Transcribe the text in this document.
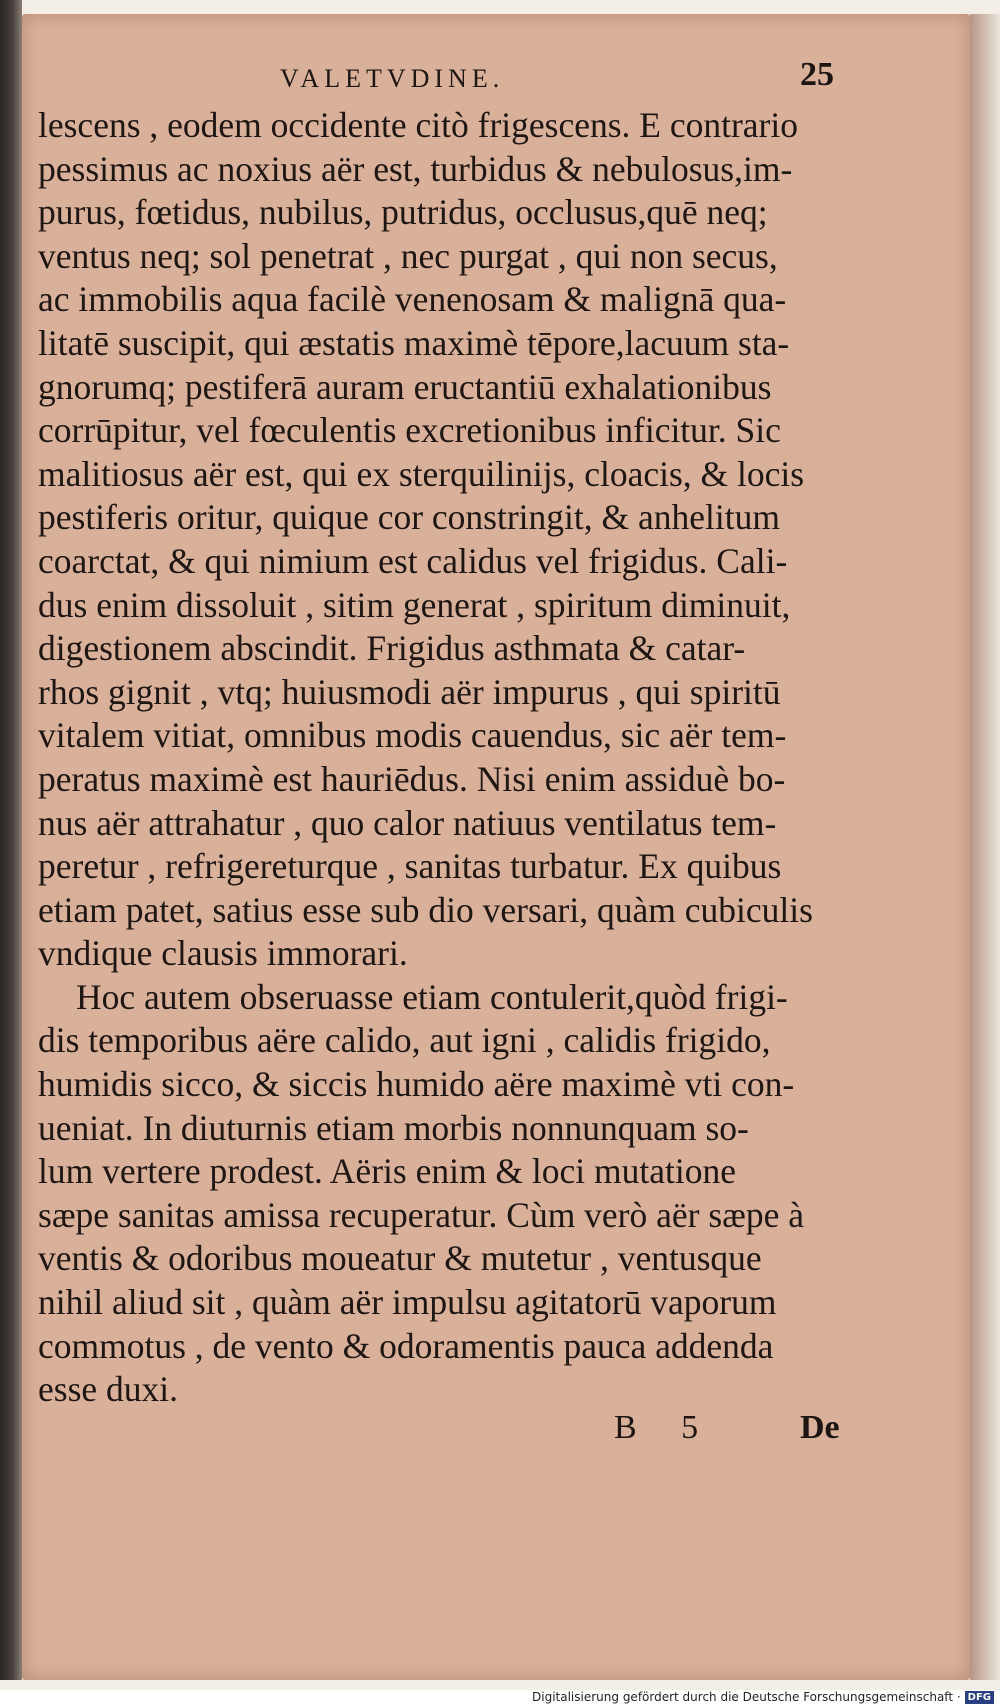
VALETVDINE.	25
lescens , eodem occidente citò frigescens. E contrario
pessimus ac noxius aër est, turbidus & nebulosus,im-
purus, fœtidus, nubilus, putridus, occlusus,quē neq;
ventus neq; sol penetrat , nec purgat , qui non secus,
ac immobilis aqua facilè venenosam & malignā qua-
litatē suscipit, qui æstatis maximè tēpore,lacuum sta-
gnorumq; pestiferā auram eructantiū exhalationibus
corrūpitur, vel fœculentis excretionibus inficitur. Sic
malitiosus aër est, qui ex sterquilinijs, cloacis, & locis
pestiferis oritur, quique cor constringit, & anhelitum
coarctat, & qui nimium est calidus vel frigidus. Cali-
dus enim dissoluit , sitim generat , spiritum diminuit,
digestionem abscindit. Frigidus asthmata & catar-
rhos gignit , vtq; huiusmodi aër impurus , qui spiritū
vitalem vitiat, omnibus modis cauendus, sic aër tem-
peratus maximè est hauriēdus. Nisi enim assiduè bo-
nus aër attrahatur , quo calor natiuus ventilatus tem-
peretur , refrigereturque , sanitas turbatur. Ex quibus
etiam patet, satius esse sub dio versari, quàm cubiculis
vndique clausis immorari.
Hoc autem obseruasse etiam contulerit,quòd frigi-
dis temporibus aëre calido, aut igni , calidis frigido,
humidis sicco, & siccis humido aëre maximè vti con-
ueniat. In diuturnis etiam morbis nonnunquam so-
lum vertere prodest. Aëris enim & loci mutatione
sæpe sanitas amissa recuperatur. Cùm verò aër sæpe à
ventis & odoribus moueatur & mutetur , ventusque
nihil aliud sit , quàm aër impulsu agitatorū vaporum
commotus , de vento & odoramentis pauca addenda
esse duxi.
B 5 De
Digitalisierung gefördert durch die Deutsche Forschungsgemeinschaft · DFG
